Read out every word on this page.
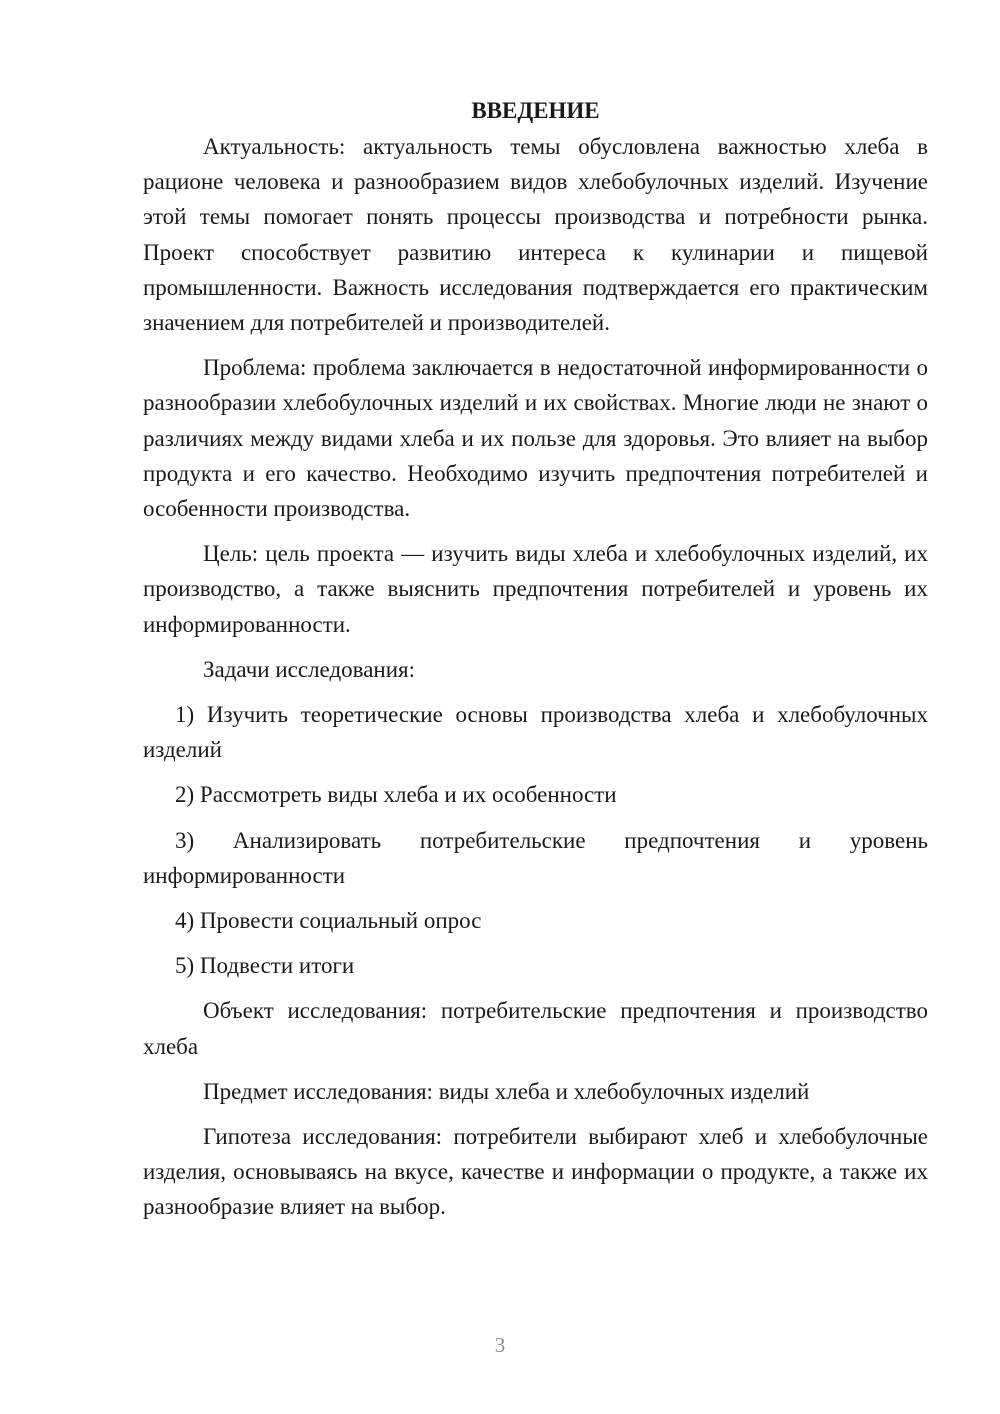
ВВЕДЕНИЕ

Актуальность: актуальность темы обусловлена важностью хлеба в рационе человека и разнообразием видов хлебобулочных изделий. Изучение этой темы помогает понять процессы производства и потребности рынка. Проект способствует развитию интереса к кулинарии и пищевой промышленности. Важность исследования подтверждается его практическим значением для потребителей и производителей.

Проблема: проблема заключается в недостаточной информированности о разнообразии хлебобулочных изделий и их свойствах. Многие люди не знают о различиях между видами хлеба и их пользе для здоровья. Это влияет на выбор продукта и его качество. Необходимо изучить предпочтения потребителей и особенности производства.

Цель: цель проекта — изучить виды хлеба и хлебобулочных изделий, их производство, а также выяснить предпочтения потребителей и уровень их информированности.

Задачи исследования:

1) Изучить теоретические основы производства хлеба и хлебобулочных изделий

2) Рассмотреть виды хлеба и их особенности

3) Анализировать потребительские предпочтения и уровень информированности

4) Провести социальный опрос

5) Подвести итоги

Объект исследования: потребительские предпочтения и производство хлеба

Предмет исследования: виды хлеба и хлебобулочных изделий

Гипотеза исследования: потребители выбирают хлеб и хлебобулочные изделия, основываясь на вкусе, качестве и информации о продукте, а также их разнообразие влияет на выбор.

3
